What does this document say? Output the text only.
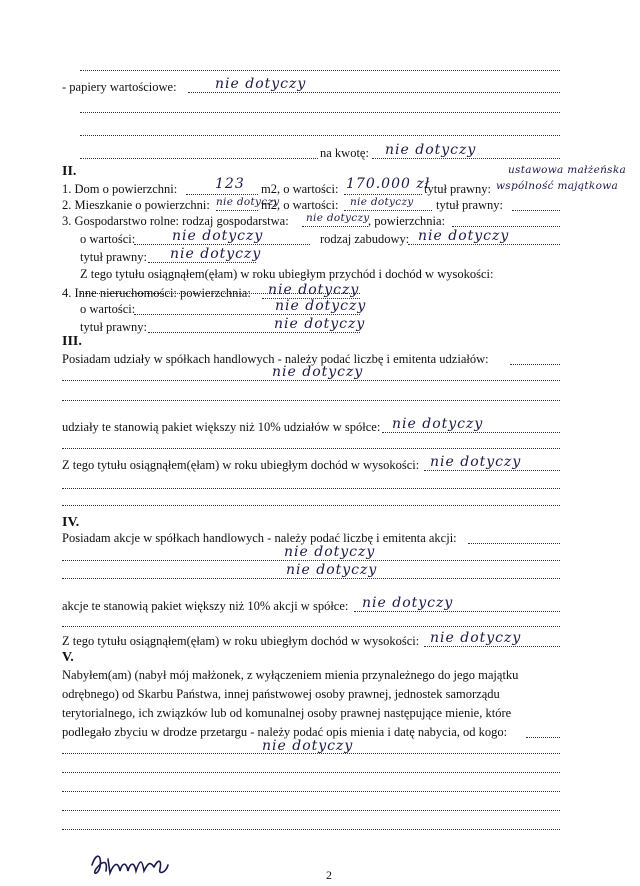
- papiery wartościowe:	nie dotyczy
na kwotę: nie dotyczy
II.
1. Dom o powierzchni:	123 m2, o wartości: 170.000 zł
tytuł prawny:
ustawowa małżeńska
wspólność majątkowa
2. Mieszkanie o powierzchni: nie dotyczy
m2, o wartości: nie dotyczy tytuł prawny:
3. Gospodarstwo rolne: rodzaj gospodarstwa: nie dotyczy
, powierzchnia:
o wartości:	nie dotyczy	rodzaj zabudowy: nie dotyczy
tytuł prawny: nie dotyczy
Z tego tytułu osiągnąłem(ęłam) w roku ubiegłym przychód i dochód w wysokości:
4. Inne nieruchomości: powierzchnia: nie dotyczy
o wartości:	nie dotyczy
tytuł prawny:	nie dotyczy
III.
Posiadam udziały w spółkach handlowych - należy podać liczbę i emitenta udziałów:
nie dotyczy
udziały te stanowią pakiet większy niż 10% udziałów w spółce: nie dotyczy
Z tego tytułu osiągnąłem(ęłam) w roku ubiegłym dochód w wysokości: nie dotyczy
IV.
Posiadam akcje w spółkach handlowych - należy podać liczbę i emitenta akcji:
nie dotyczy
nie dotyczy
akcje te stanowią pakiet większy niż 10% akcji w spółce: nie dotyczy
Z tego tytułu osiągnąłem(ęłam) w roku ubiegłym dochód w wysokości: nie dotyczy
V.
Nabyłem(am) (nabył mój małżonek, z wyłączeniem mienia przynależnego do jego majątku
odrębnego) od Skarbu Państwa, innej państwowej osoby prawnej, jednostek samorządu
terytorialnego, ich związków lub od komunalnej osoby prawnej następujące mienie, które
podlegało zbyciu w drodze przetargu - należy podać opis mienia i datę nabycia, od kogo:
nie dotyczy
2
